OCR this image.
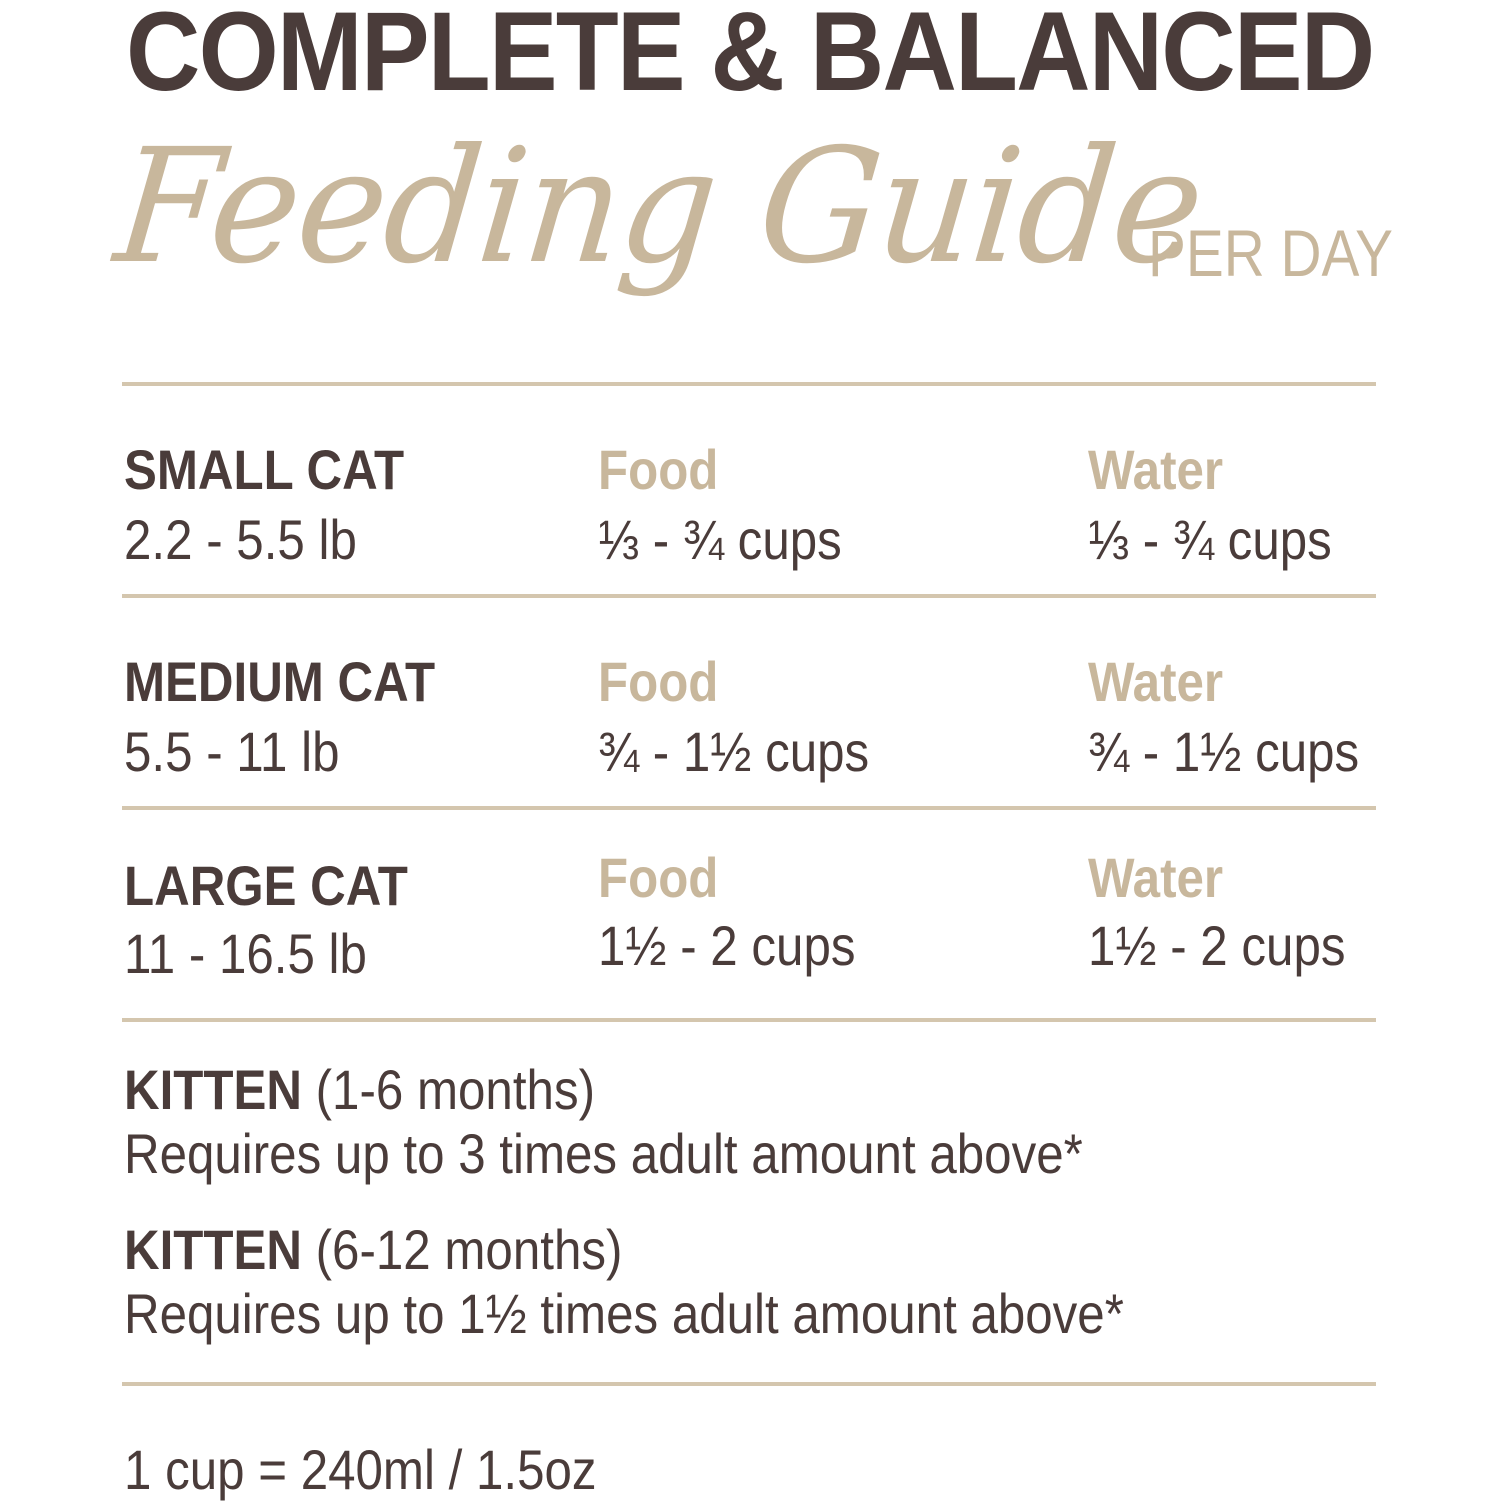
COMPLETE & BALANCED
Feeding Guide
PER DAY
SMALL CAT
2.2 - 5.5 lb
Food
⅓ - ¾ cups
Water
⅓ - ¾ cups
MEDIUM CAT
5.5 - 11 lb
Food
¾ - 1½ cups
Water
¾ - 1½ cups
LARGE CAT
11 - 16.5 lb
Food
1½ - 2 cups
Water
1½ - 2 cups
KITTEN (1-6 months)
Requires up to 3 times adult amount above*
KITTEN (6-12 months)
Requires up to 1½ times adult amount above*
1 cup = 240ml / 1.5oz
